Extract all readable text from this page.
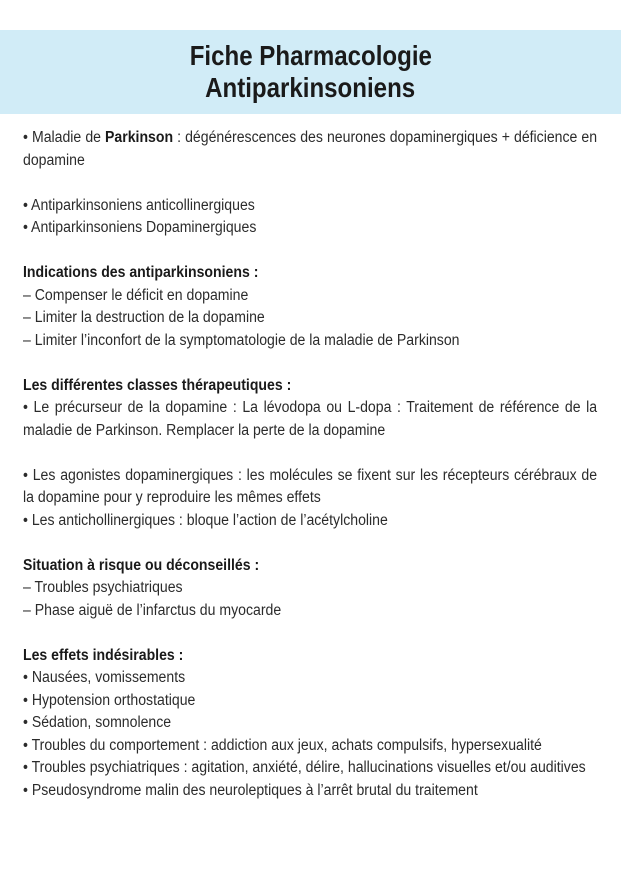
Fiche Pharmacologie
Antiparkinsoniens

• Maladie de Parkinson : dégénérescences des neurones dopaminergiques + déficience en dopamine

• Antiparkinsoniens anticollinergiques

• Antiparkinsoniens Dopaminergiques

Indications des antiparkinsoniens :

– Compenser le déficit en dopamine

– Limiter la destruction de la dopamine

– Limiter l’inconfort de la symptomatologie de la maladie de Parkinson

Les différentes classes thérapeutiques :

• Le précurseur de la dopamine : La lévodopa ou L-dopa : Traitement de référence de la maladie de Parkinson. Remplacer la perte de la dopamine

• Les agonistes dopaminergiques : les molécules se fixent sur les récepteurs cérébraux de la dopamine pour y reproduire les mêmes effets

• Les antichollinergiques : bloque l’action de l’acétylcholine

Situation à risque ou déconseillés :

– Troubles psychiatriques

– Phase aiguë de l’infarctus du myocarde

Les effets indésirables :

• Nausées, vomissements

• Hypotension orthostatique

• Sédation, somnolence

• Troubles du comportement : addiction aux jeux, achats compulsifs, hypersexualité

• Troubles psychiatriques : agitation, anxiété, délire, hallucinations visuelles et/ou auditives

• Pseudosyndrome malin des neuroleptiques à l’arrêt brutal du traitement
